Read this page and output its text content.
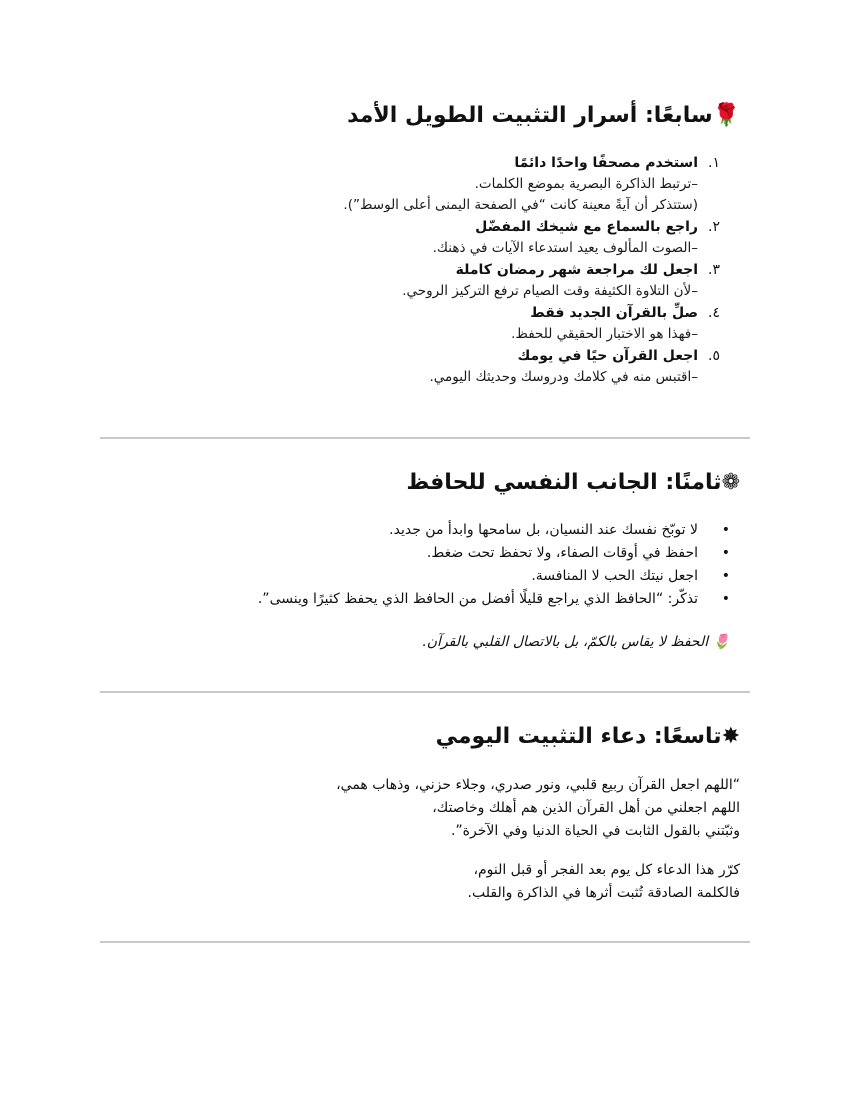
🌹سابعًا: أسرار التثبيت الطويل الأمد
١.
استخدم مصحفًا واحدًا دائمًا
–ترتبط الذاكرة البصرية بموضع الكلمات.
(ستتذكر أن آيةً معينة كانت “في الصفحة اليمنى أعلى الوسط”).
٢.
راجع بالسماع مع شيخك المفضّل
–الصوت المألوف يعيد استدعاء الآيات في ذهنك.
٣.
اجعل لك مراجعة شهر رمضان كاملة
–لأن التلاوة الكثيفة وقت الصيام ترفع التركيز الروحي.
٤.
صلِّ بالقرآن الجديد فقط
–فهذا هو الاختبار الحقيقي للحفظ.
٥.
اجعل القرآن حيًا في يومك
–اقتبس منه في كلامك ودروسك وحديثك اليومي.
❁ثامنًا: الجانب النفسي للحافظ
• لا توبّخ نفسك عند النسيان، بل سامحها وابدأ من جديد.
• احفظ في أوقات الصفاء، ولا تحفظ تحت ضغط.
• اجعل نيتك الحب لا المنافسة.
• تذكّر: “الحافظ الذي يراجع قليلًا أفضل من الحافظ الذي يحفظ كثيرًا وينسى”.
🌷 الحفظ لا يقاس بالكمّ، بل بالاتصال القلبي بالقرآن.
✸تاسعًا: دعاء التثبيت اليومي
“اللهم اجعل القرآن ربيع قلبي، ونور صدري، وجلاء حزني، وذهاب همي،
اللهم اجعلني من أهل القرآن الذين هم أهلك وخاصتك،
وثبّتني بالقول الثابت في الحياة الدنيا وفي الآخرة”.
كرّر هذا الدعاء كل يوم بعد الفجر أو قبل النوم،
فالكلمة الصادقة تُثبت أثرها في الذاكرة والقلب.
